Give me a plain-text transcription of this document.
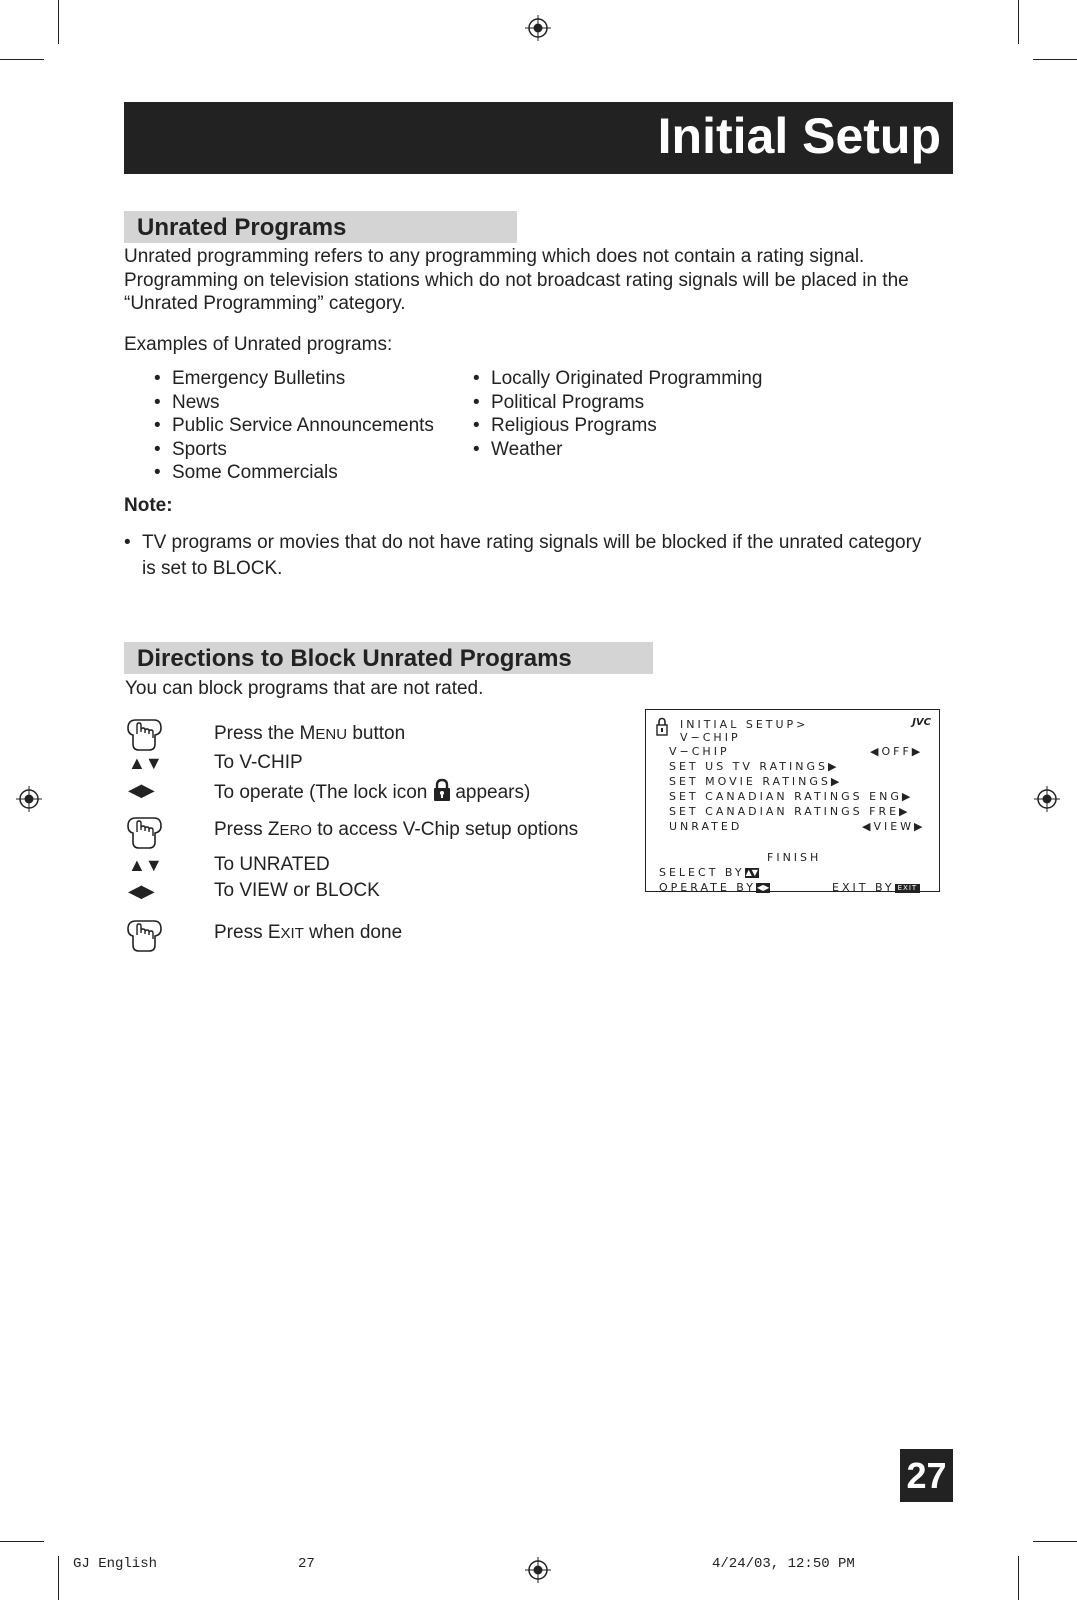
Initial Setup
Unrated Programs
Unrated programming refers to any programming which does not contain a rating signal.
Programming on television stations which do not broadcast rating signals will be placed in the
“Unrated Programming” category.
Examples of Unrated programs:
• Emergency Bulletins
• News
• Public Service Announcements
• Sports
• Some Commercials
• Locally Originated Programming
• Political Programs
• Religious Programs
• Weather
Note:
• TV programs or movies that do not have rating signals will be blocked if the unrated category
is set to BLOCK.
Directions to Block Unrated Programs
You can block programs that are not rated.
Press the MENU button
▲▼	To V-CHIP
◀▶	To operate (The lock icon appears)
Press ZERO to access V-Chip setup options
▲▼	To UNRATED
◀▶	To VIEW or BLOCK
Press EXIT when done
JVC
INITIAL SETUP>
V−CHIP
V−CHIP	◀OFF▶
SET US TV RATINGS▶
SET MOVIE RATINGS▶
SET CANADIAN RATINGS ENG▶
SET CANADIAN RATINGS FRE▶
UNRATED	◀VIEW▶
FINISH
SELECT BY▲▼
OPERATE BY◀▶	EXIT BY EXIT
27
GJ English	27	4/24/03, 12:50 PM
